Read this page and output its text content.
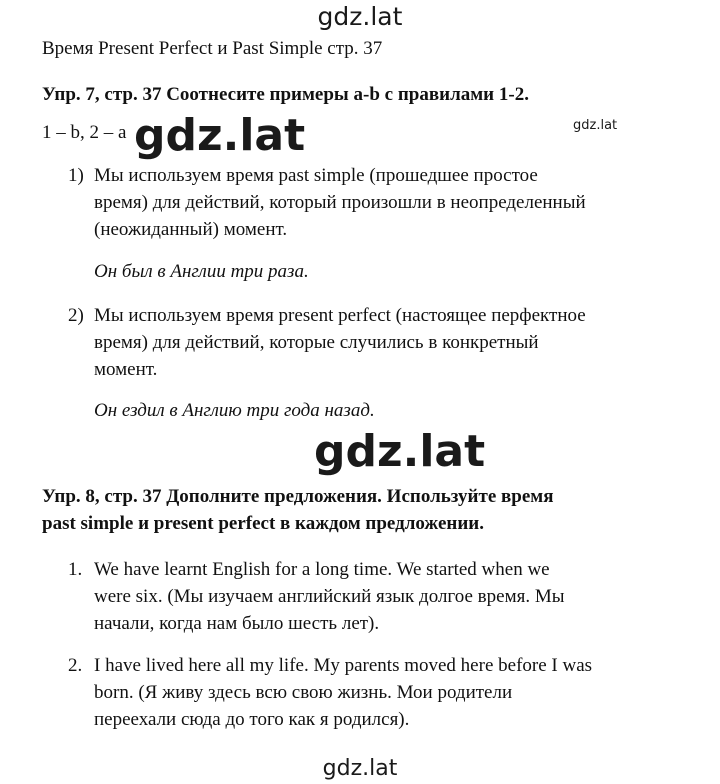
gdz.lat
Время Present Perfect и Past Simple стр. 37
Упр. 7, стр. 37 Соотнесите примеры a-b с правилами 1-2.
1 – b, 2 – a gdz.lat	gdz.lat
1) Мы используем время past simple (прошедшее простое
время) для действий, который произошли в неопределенный
(неожиданный) момент.
Он был в Англии три раза.
2) Мы используем время present perfect (настоящее перфектное
время) для действий, которые случились в конкретный
момент.
Он ездил в Англию три года назад.
gdz.lat
Упр. 8, стр. 37 Дополните предложения. Используйте время
past simple и present perfect в каждом предложении.
1. We have learnt English for a long time. We started when we
were six. (Мы изучаем английский язык долгое время. Мы
начали, когда нам было шесть лет).
2. I have lived here all my life. My parents moved here before I was
born. (Я живу здесь всю свою жизнь. Мои родители
переехали сюда до того как я родился).
gdz.lat
